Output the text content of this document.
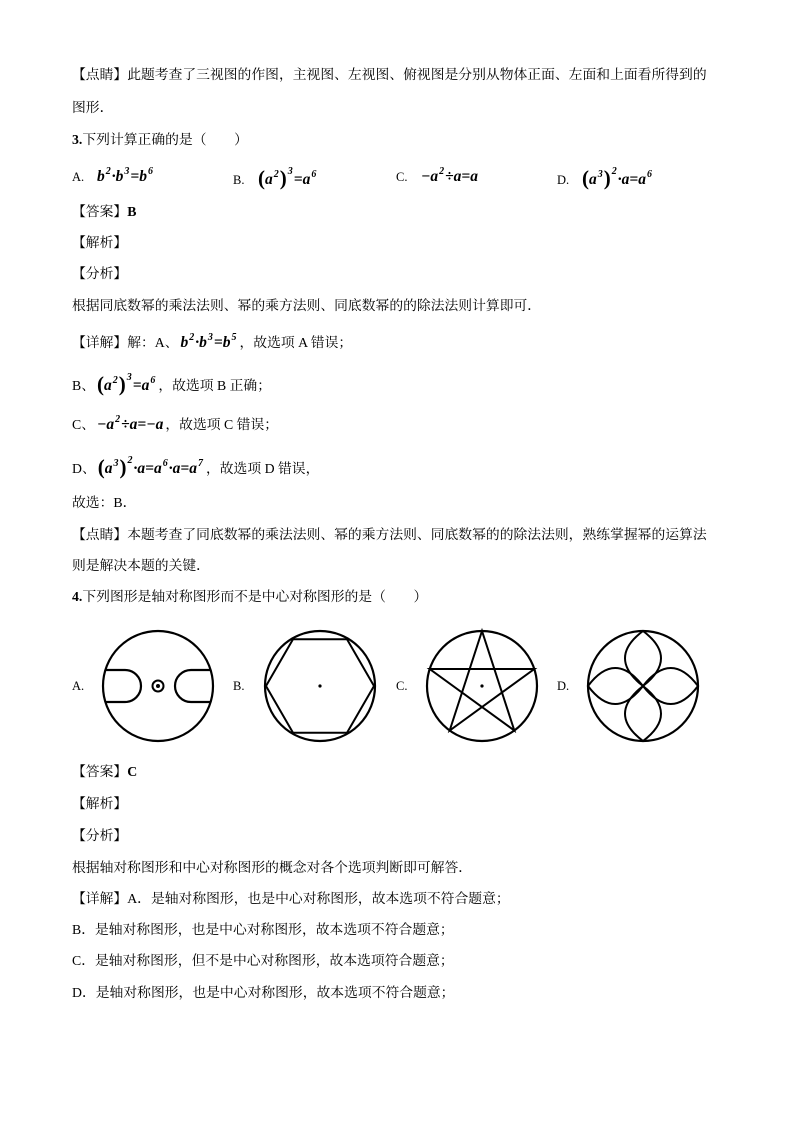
【点睛】此题考查了三视图的作图，主视图、左视图、俯视图是分别从物体正面、左面和上面看所得到的
图形．
3.下列计算正确的是（　　）
A. $b^2\cdot b^3=b^6$
B. $(a^2)^3=a^6$	C. $-a^2\div a=a$	D. $(a^3)^2\cdot a=a^6$
【答案】B
【解析】
【分析】
根据同底数幂的乘法法则、幂的乘方法则、同底数幂的的除法法则计算即可．
【详解】解：A、 $b^2\cdot b^3=b^5$ ，故选项 A 错误；
B、$(a^2)^3=a^6$ ，故选项 B 正确；
C、 $-a^2\div a=-a$ ，故选项 C 错误；
D、$(a^3)^2\cdot a=a^6\cdot a=a^7$ ，故选项 D 错误，
故选：B．
【点睛】本题考查了同底数幂的乘法法则、幂的乘方法则、同底数幂的的除法法则，熟练掌握幂的运算法
则是解决本题的关键．
4.下列图形是轴对称图形而不是中心对称图形的是（　　）
A.	B.	C.	D.
【答案】C
【解析】
【分析】
根据轴对称图形和中心对称图形的概念对各个选项判断即可解答．
【详解】A．是轴对称图形，也是中心对称图形，故本选项不符合题意；
B．是轴对称图形，也是中心对称图形，故本选项不符合题意；
C．是轴对称图形，但不是中心对称图形，故本选项符合题意；
D．是轴对称图形，也是中心对称图形，故本选项不符合题意；
